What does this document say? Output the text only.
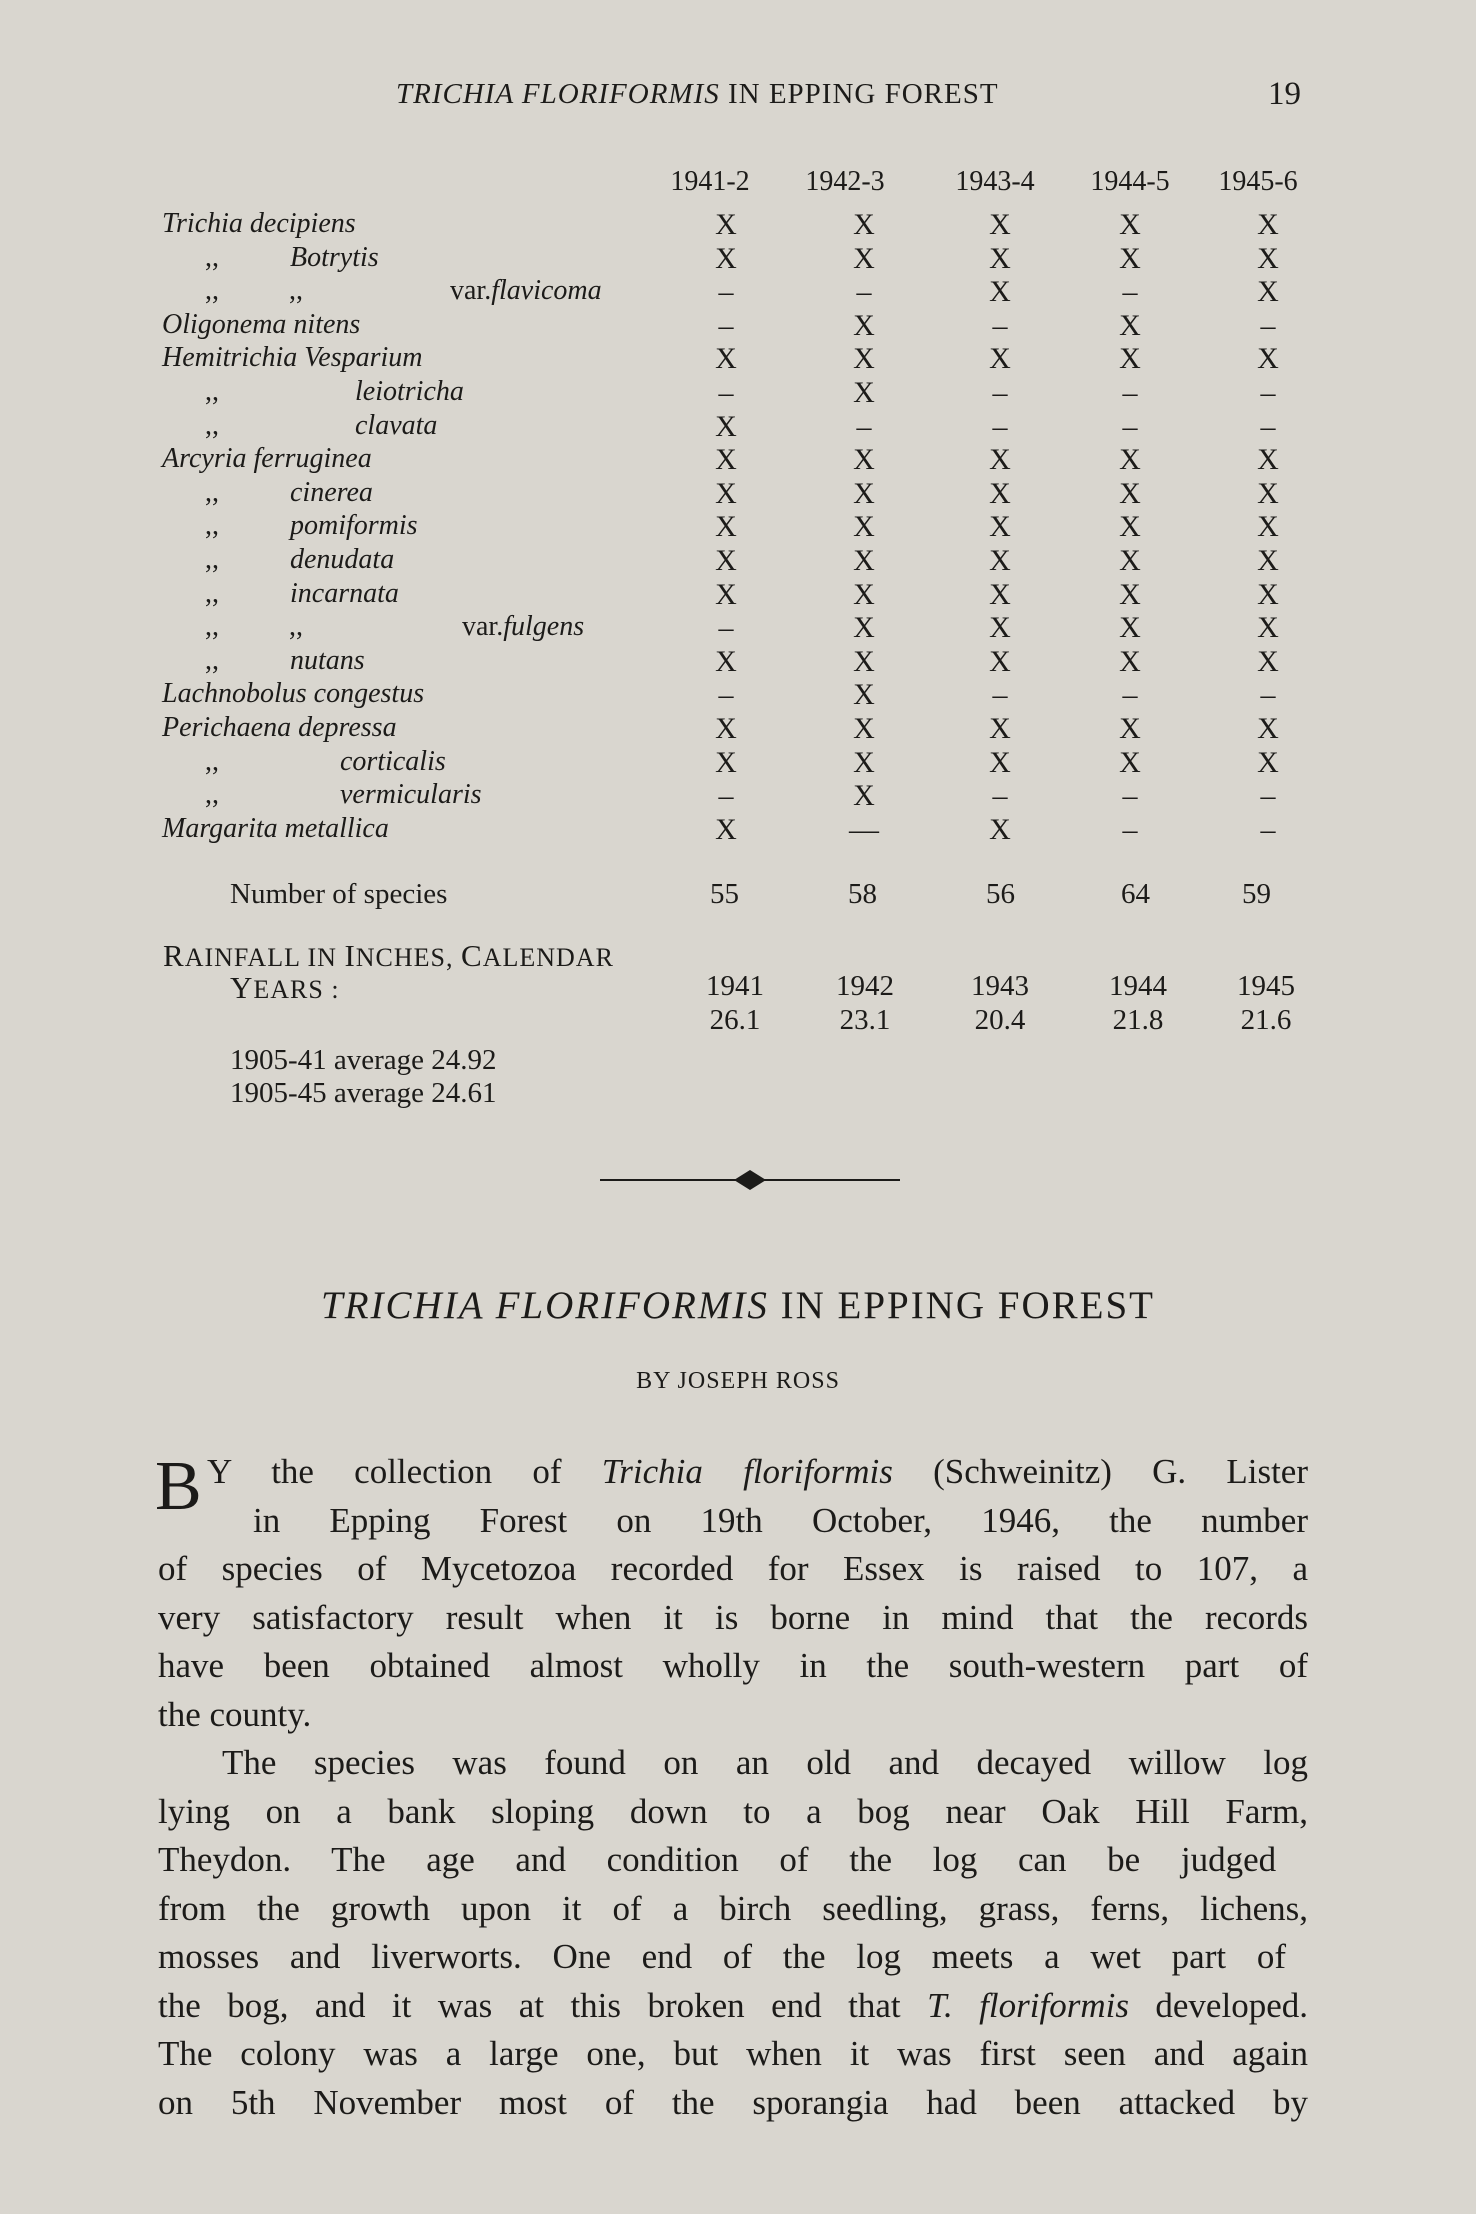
TRICHIA FLORIFORMIS IN EPPING FOREST	19
1941-2	1942-3	1943-4	1944-5	1945-6
Trichia decipiens	X	X	X	X	X
,,	Botrytis	X	X	X	X	X
,,          ,,	var.flavicoma	–	–	X	–	X
Oligonema nitens	–	X	–	X	–
Hemitrichia Vesparium	X	X	X	X	X
,,	leiotricha	–	X	–	–	–
,,	clavata	X	–	–	–	–
Arcyria ferruginea	X	X	X	X	X
,,	cinerea	X	X	X	X	X
,,	pomiformis	X	X	X	X	X
,,	denudata	X	X	X	X	X
,,	incarnata	X	X	X	X	X
,,          ,,	var.fulgens	–	X	X	X	X
,,	nutans	X	X	X	X	X
Lachnobolus congestus	–	X	–	–	–
Perichaena depressa	X	X	X	X	X
,,	corticalis	X	X	X	X	X
,,	vermicularis	–	X	–	–	–
Margarita metallica	X	—	X	–	–
Number of species	55	58	56	64	59
RAINFALL IN INCHES, CALENDAR
YEARS :	1941	1942	1943	1944	1945
26.1	23.1	20.4	21.8	21.6
1905-41 average 24.92
1905-45 average 24.61
TRICHIA FLORIFORMIS IN EPPING FOREST
BY JOSEPH ROSS
B Y the collection of Trichia floriformis (Schweinitz) G. Lister
in Epping Forest on 19th October, 1946, the number
of species of Mycetozoa recorded for Essex is raised to 107, a
very satisfactory result when it is borne in mind that the records
have been obtained almost wholly in the south-western part of
the county.
The species was found on an old and decayed willow log
lying on a bank sloping down to a bog near Oak Hill Farm,
Theydon. The age and condition of the log can be judged
from the growth upon it of a birch seedling, grass, ferns, lichens,
mosses and liverworts. One end of the log meets a wet part of
the bog, and it was at this broken end that T. floriformis developed.
The colony was a large one, but when it was first seen and again
on 5th November most of the sporangia had been attacked by
